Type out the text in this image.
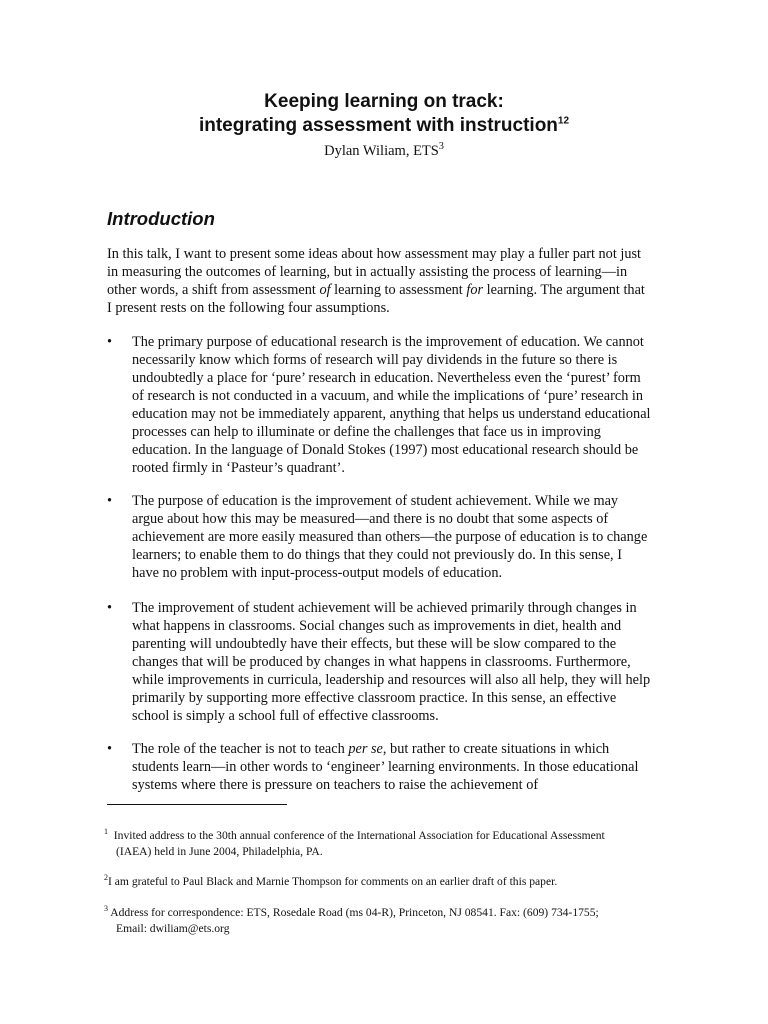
Keeping learning on track:
integrating assessment with instruction$^{12}$
Dylan Wiliam, ETS$^3$
Introduction
In this talk, I want to present some ideas about how assessment may play a fuller part not just in measuring the outcomes of learning, but in actually assisting the process of learning—in other words, a shift from assessment of learning to assessment for learning. The argument that I present rests on the following four assumptions.
•	The primary purpose of educational research is the improvement of education. We cannot necessarily know which forms of research will pay dividends in the future so there is undoubtedly a place for ‘pure’ research in education. Nevertheless even the ‘purest’ form of research is not conducted in a vacuum, and while the implications of ‘pure’ research in education may not be immediately apparent, anything that helps us understand educational processes can help to illuminate or define the challenges that face us in improving education. In the language of Donald Stokes (1997) most educational research should be rooted firmly in ‘Pasteur’s quadrant’.
•	The purpose of education is the improvement of student achievement. While we may argue about how this may be measured—and there is no doubt that some aspects of achievement are more easily measured than others—the purpose of education is to change learners; to enable them to do things that they could not previously do. In this sense, I have no problem with input-process-output models of education.
•	The improvement of student achievement will be achieved primarily through changes in what happens in classrooms. Social changes such as improvements in diet, health and parenting will undoubtedly have their effects, but these will be slow compared to the changes that will be produced by changes in what happens in classrooms. Furthermore, while improvements in curricula, leadership and resources will also all help, they will help primarily by supporting more effective classroom practice. In this sense, an effective school is simply a school full of effective classrooms.
•	The role of the teacher is not to teach per se, but rather to create situations in which students learn—in other words to ‘engineer’ learning environments. In those educational systems where there is pressure on teachers to raise the achievement of
$^1$ Invited address to the 30th annual conference of the International Association for Educational Assessment
(IAEA) held in June 2004, Philadelphia, PA.
$^2$I am grateful to Paul Black and Marnie Thompson for comments on an earlier draft of this paper.
$^3$ Address for correspondence: ETS, Rosedale Road (ms 04-R), Princeton, NJ 08541. Fax: (609) 734-1755;
Email: dwiliam@ets.org
